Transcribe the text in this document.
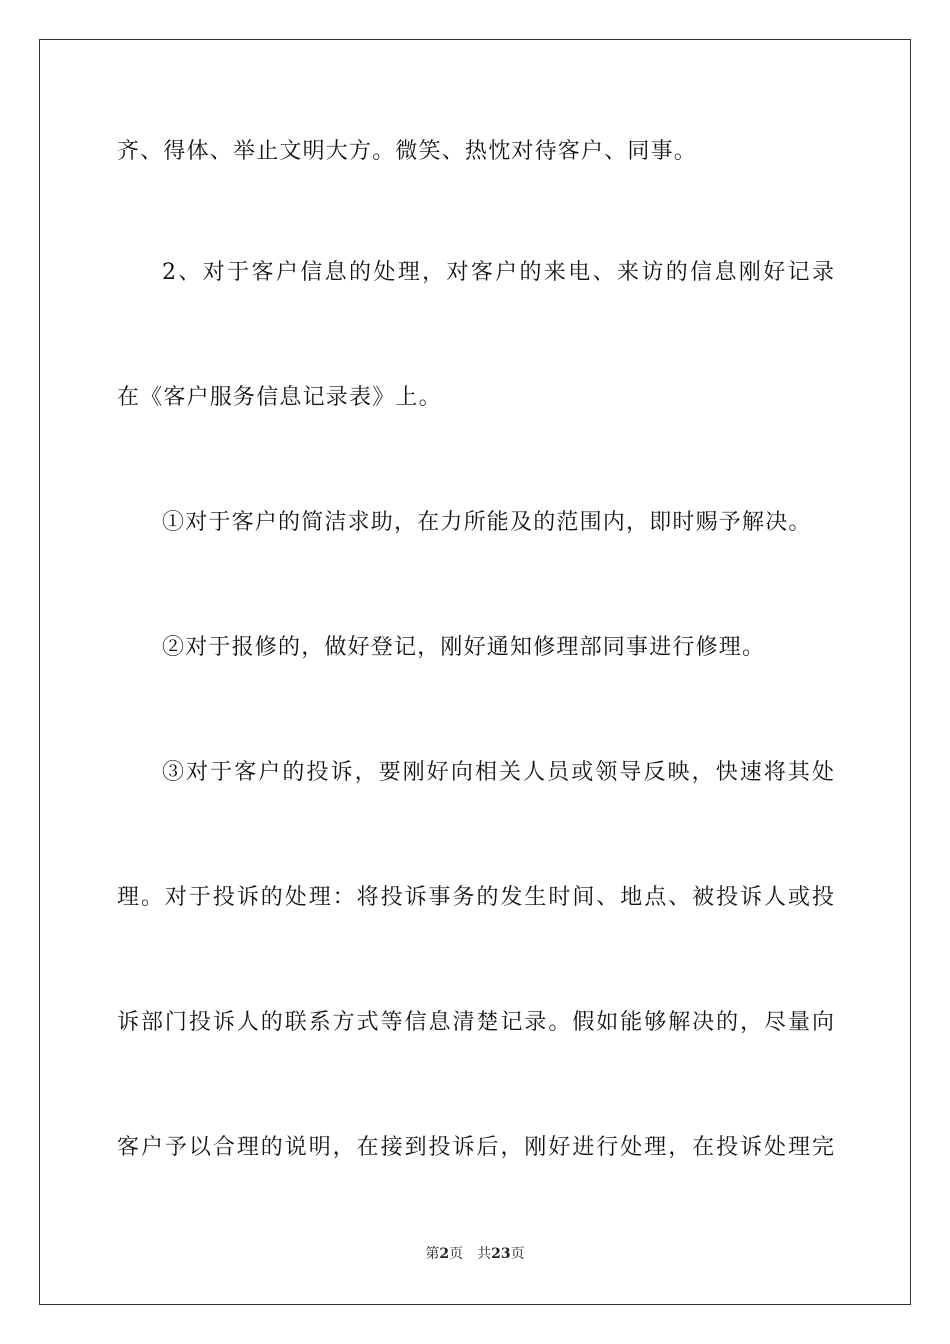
齐、得体、举止文明大方。微笑、热忱对待客户、同事。
2、对于客户信息的处理，对客户的来电、来访的信息刚好记录
在《客户服务信息记录表》上。
①对于客户的简洁求助，在力所能及的范围内，即时赐予解决。
②对于报修的，做好登记，刚好通知修理部同事进行修理。
③对于客户的投诉，要刚好向相关人员或领导反映，快速将其处
理。对于投诉的处理：将投诉事务的发生时间、地点、被投诉人或投
诉部门投诉人的联系方式等信息清楚记录。假如能够解决的，尽量向
客户予以合理的说明，在接到投诉后，刚好进行处理，在投诉处理完
第2页 共23页
